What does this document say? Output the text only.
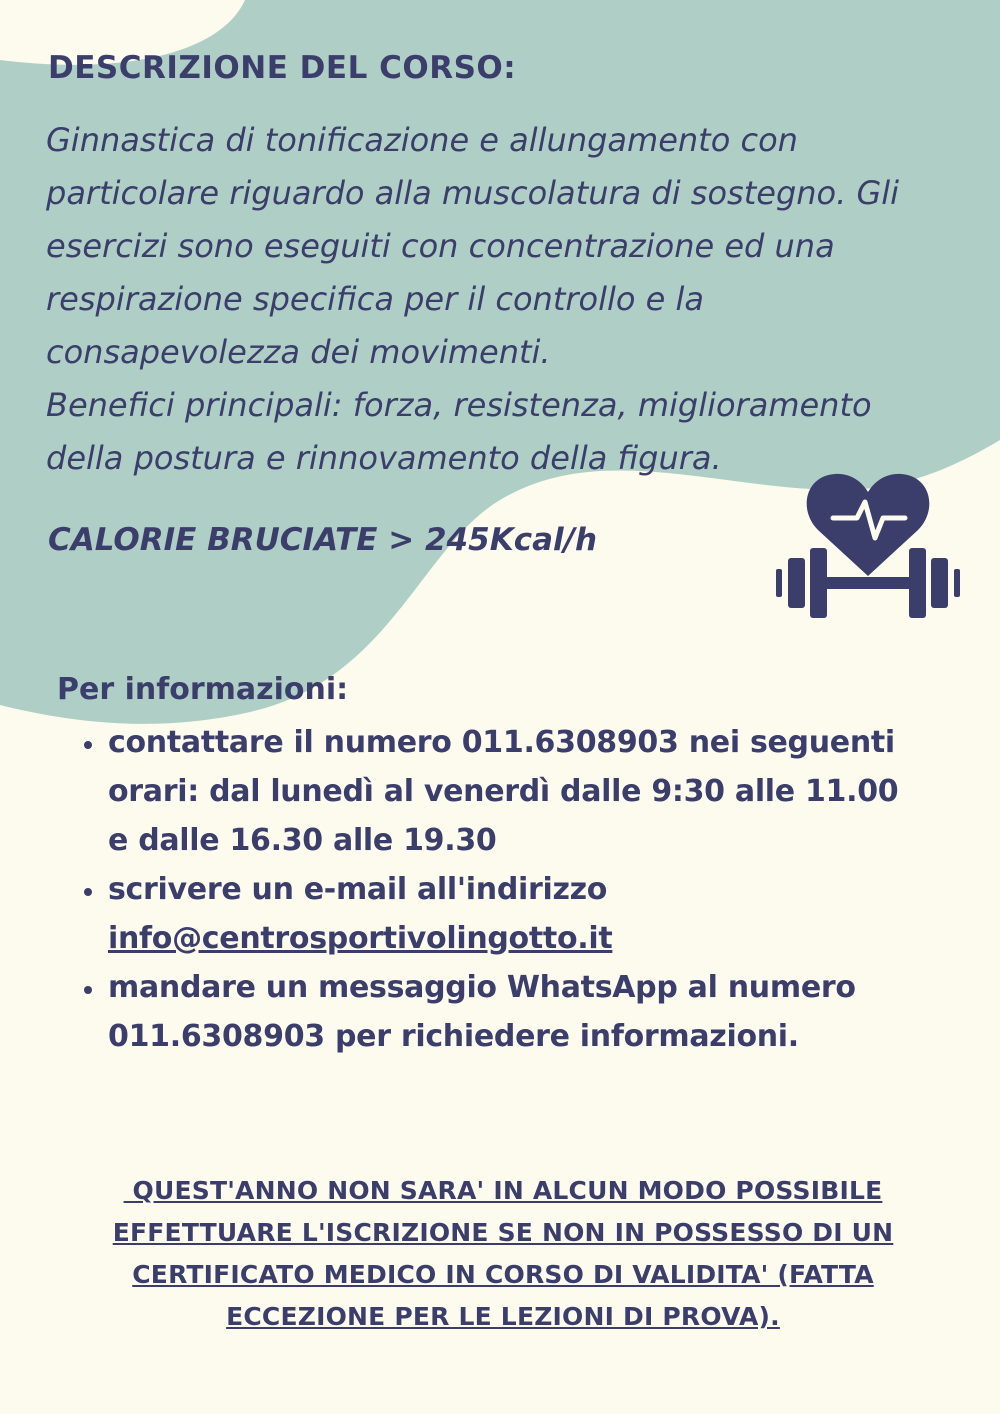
DESCRIZIONE DEL CORSO:

Ginnastica di tonificazione e allungamento con
particolare riguardo alla muscolatura di sostegno. Gli
esercizi sono eseguiti con concentrazione ed una
respirazione specifica per il controllo e la
consapevolezza dei movimenti.
Benefici principali: forza, resistenza, miglioramento
della postura e rinnovamento della figura.

CALORIE BRUCIATE > 245Kcal/h

Per informazioni:
• contattare il numero 011.6308903 nei seguenti
orari: dal lunedì al venerdì dalle 9:30 alle 11.00
e dalle 16.30 alle 19.30
• scrivere un e-mail all'indirizzo
info@centrosportivolingotto.it
• mandare un messaggio WhatsApp al numero
011.6308903 per richiedere informazioni.

QUEST'ANNO NON SARA' IN ALCUN MODO POSSIBILE
EFFETTUARE L'ISCRIZIONE SE NON IN POSSESSO DI UN
CERTIFICATO MEDICO IN CORSO DI VALIDITA' (FATTA
ECCEZIONE PER LE LEZIONI DI PROVA).
